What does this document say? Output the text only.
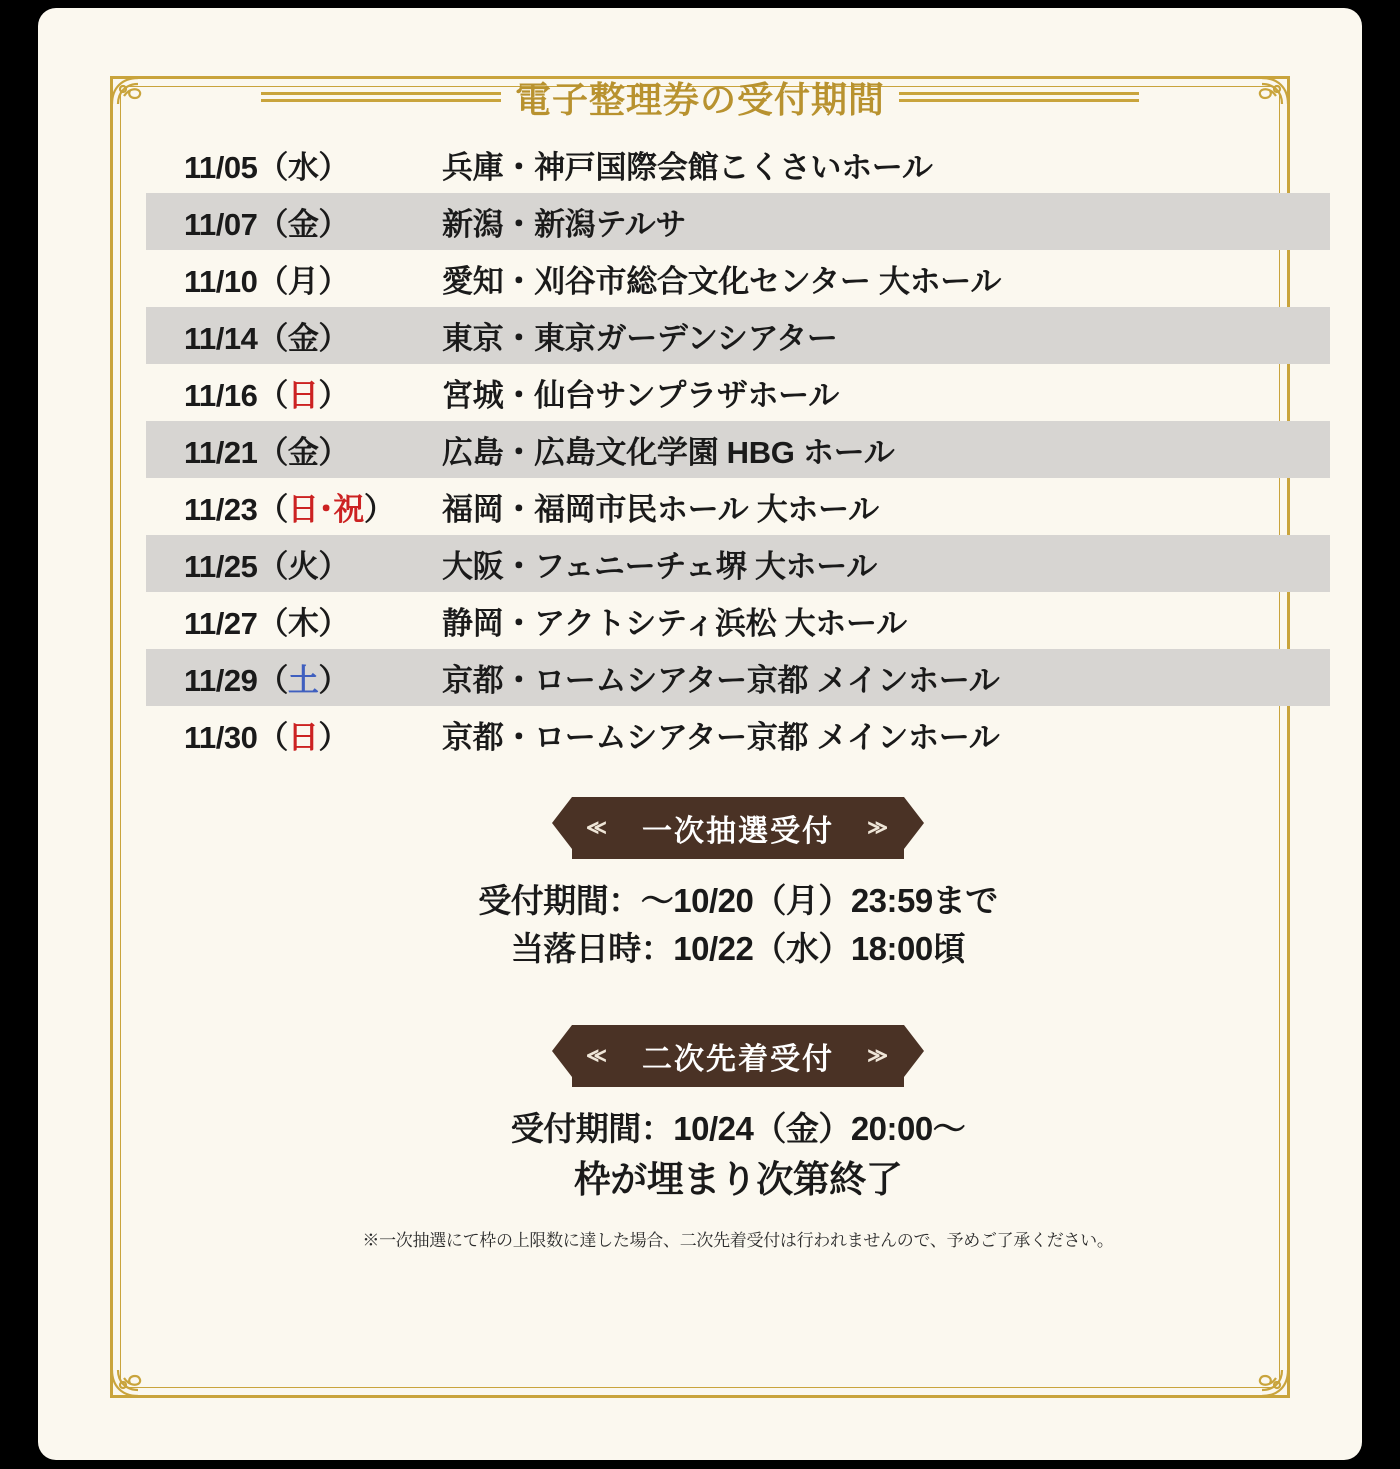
電子整理券の受付期間
11/05（水）	兵庫・神戸国際会館こくさいホール
11/07（金）	新潟・新潟テルサ
11/10（月）	愛知・刈谷市総合文化センター 大ホール
11/14（金）	東京・東京ガーデンシアター
11/16（日）	宮城・仙台サンプラザホール
11/21（金）	広島・広島文化学園 HBG ホール
11/23（日･祝）	福岡・福岡市民ホール 大ホール
11/25（火）	大阪・フェニーチェ堺 大ホール
11/27（木）	静岡・アクトシティ浜松 大ホール
11/29（土）	京都・ロームシアター京都 メインホール
11/30（日）	京都・ロームシアター京都 メインホール
≪ 一次抽選受付 ≫
受付期間：〜10/20（月）23:59まで
当落日時：10/22（水）18:00頃
≪ 二次先着受付 ≫
受付期間：10/24（金）20:00〜
枠が埋まり次第終了
※一次抽選にて枠の上限数に達した場合、二次先着受付は行われませんので、予めご了承ください。
